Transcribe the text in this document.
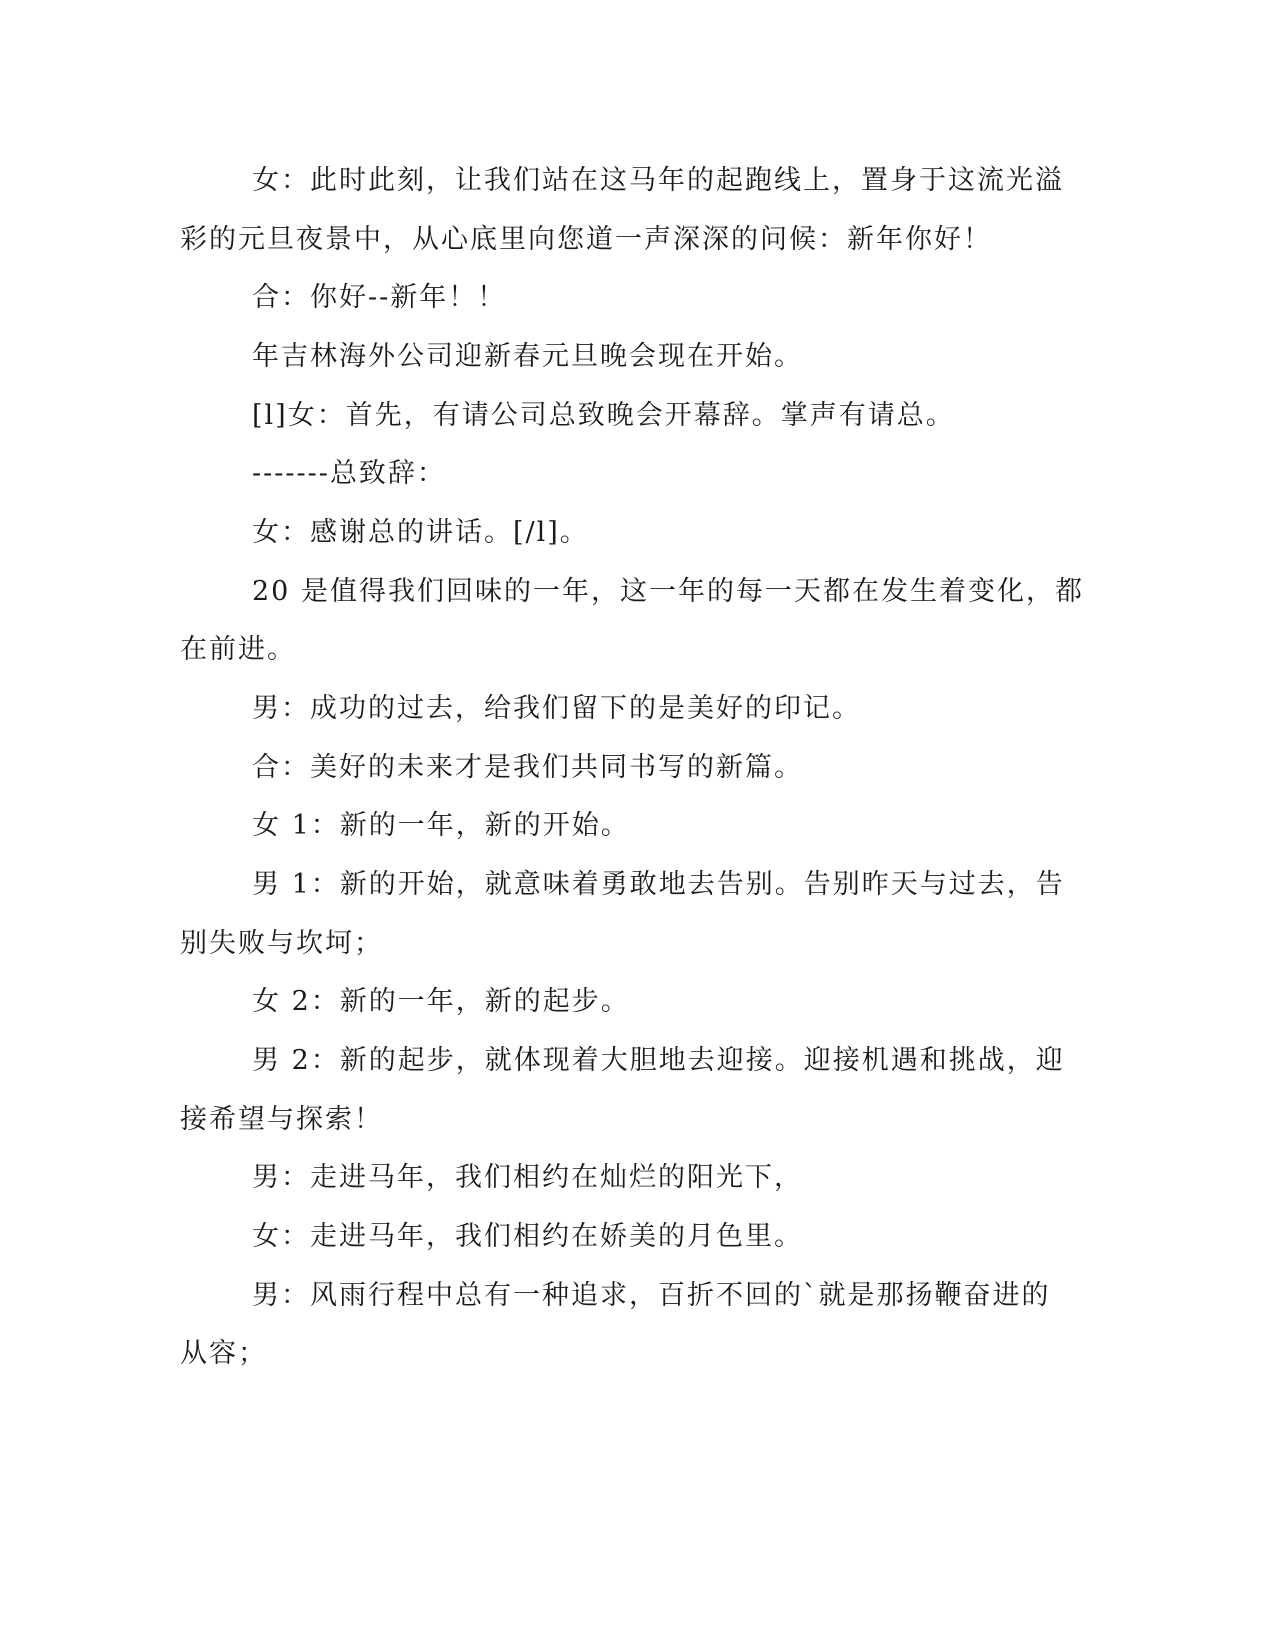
女：此时此刻，让我们站在这马年的起跑线上，置身于这流光溢
彩的元旦夜景中，从心底里向您道一声深深的问候：新年你好！
合：你好--新年！！
年吉林海外公司迎新春元旦晚会现在开始。
[l]女：首先，有请公司总致晚会开幕辞。掌声有请总。
-------总致辞：
女：感谢总的讲话。[/l]。
20 是值得我们回味的一年，这一年的每一天都在发生着变化，都
在前进。
男：成功的过去，给我们留下的是美好的印记。
合：美好的未来才是我们共同书写的新篇。
女 1：新的一年，新的开始。
男 1：新的开始，就意味着勇敢地去告别。告别昨天与过去，告
别失败与坎坷；
女 2：新的一年，新的起步。
男 2：新的起步，就体现着大胆地去迎接。迎接机遇和挑战，迎
接希望与探索！
男：走进马年，我们相约在灿烂的阳光下，
女：走进马年，我们相约在娇美的月色里。
男：风雨行程中总有一种追求，百折不回的`就是那扬鞭奋进的
从容；
